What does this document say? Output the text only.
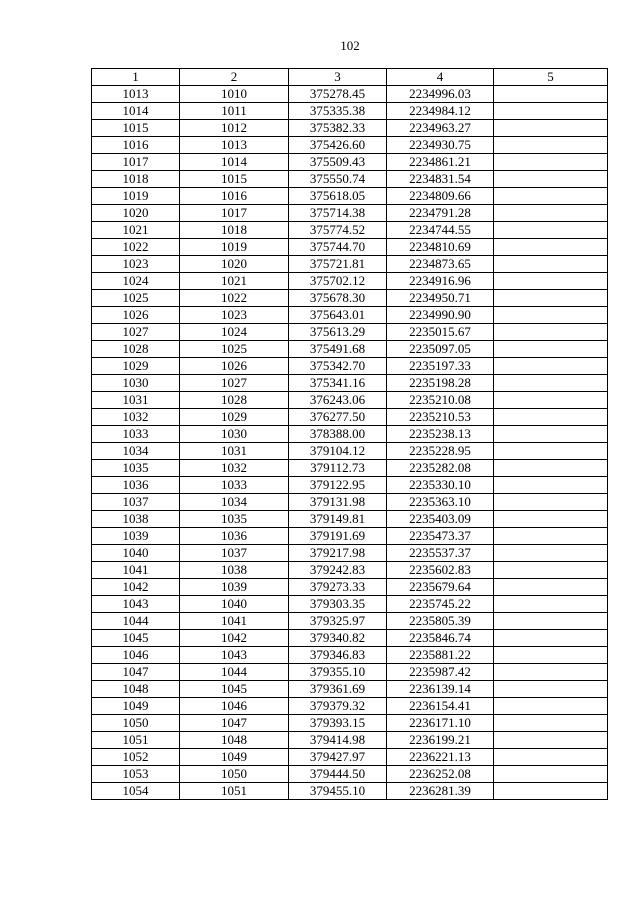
102
1	2	3	4	5
1013	1010	375278.45	2234996.03	
1014	1011	375335.38	2234984.12	
1015	1012	375382.33	2234963.27	
1016	1013	375426.60	2234930.75	
1017	1014	375509.43	2234861.21	
1018	1015	375550.74	2234831.54	
1019	1016	375618.05	2234809.66	
1020	1017	375714.38	2234791.28	
1021	1018	375774.52	2234744.55	
1022	1019	375744.70	2234810.69	
1023	1020	375721.81	2234873.65	
1024	1021	375702.12	2234916.96	
1025	1022	375678.30	2234950.71	
1026	1023	375643.01	2234990.90	
1027	1024	375613.29	2235015.67	
1028	1025	375491.68	2235097.05	
1029	1026	375342.70	2235197.33	
1030	1027	375341.16	2235198.28	
1031	1028	376243.06	2235210.08	
1032	1029	376277.50	2235210.53	
1033	1030	378388.00	2235238.13	
1034	1031	379104.12	2235228.95	
1035	1032	379112.73	2235282.08	
1036	1033	379122.95	2235330.10	
1037	1034	379131.98	2235363.10	
1038	1035	379149.81	2235403.09	
1039	1036	379191.69	2235473.37	
1040	1037	379217.98	2235537.37	
1041	1038	379242.83	2235602.83	
1042	1039	379273.33	2235679.64	
1043	1040	379303.35	2235745.22	
1044	1041	379325.97	2235805.39	
1045	1042	379340.82	2235846.74	
1046	1043	379346.83	2235881.22	
1047	1044	379355.10	2235987.42	
1048	1045	379361.69	2236139.14	
1049	1046	379379.32	2236154.41	
1050	1047	379393.15	2236171.10	
1051	1048	379414.98	2236199.21	
1052	1049	379427.97	2236221.13	
1053	1050	379444.50	2236252.08	
1054	1051	379455.10	2236281.39	
